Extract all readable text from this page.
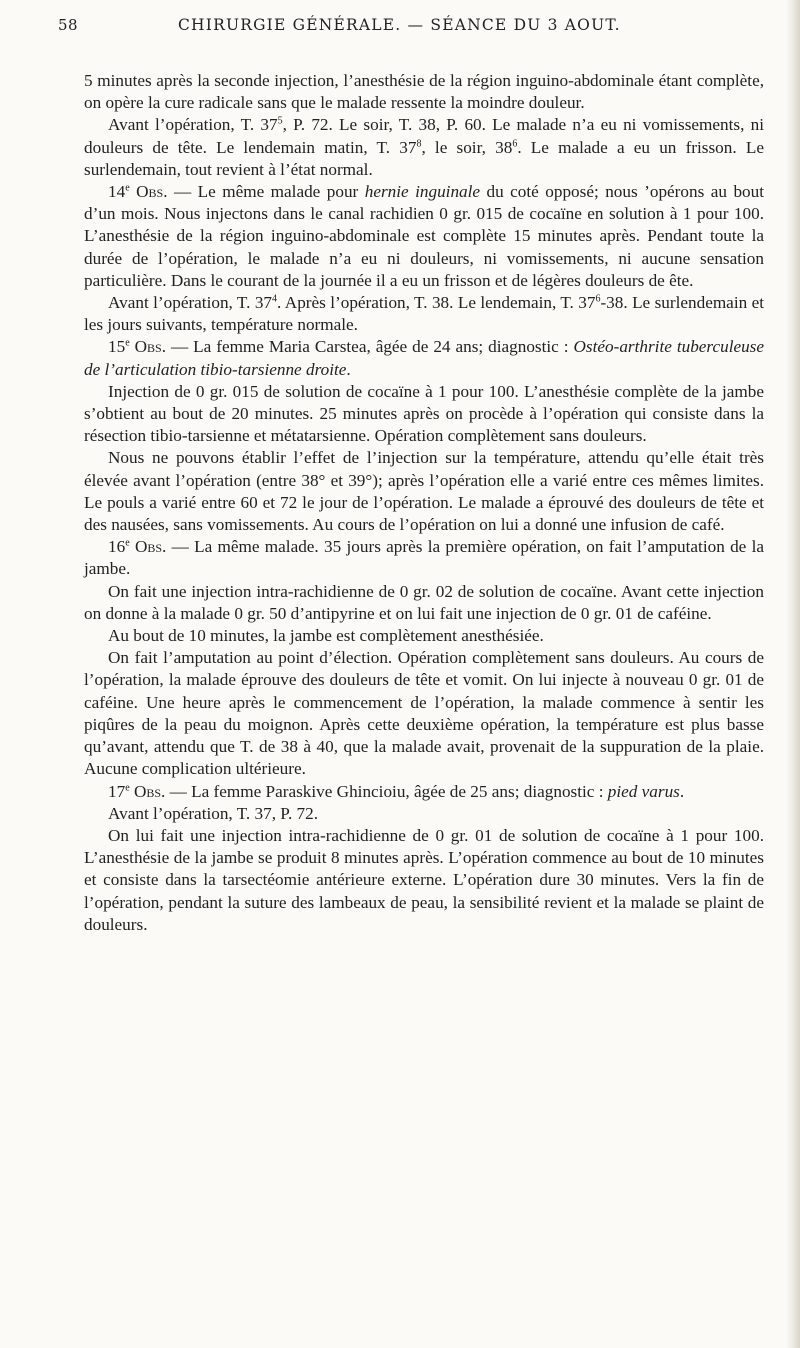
58	CHIRURGIE GÉNÉRALE. — SÉANCE DU 3 AOUT.

5 minutes après la seconde injection, l’anesthésie de la région inguino-abdominale étant complète, on opère la cure radicale sans que le malade ressente la moindre douleur.

Avant l’opération, T. $37^5$, P. 72. Le soir, T. 38, P. 60. Le malade n’a eu ni vomissements, ni douleurs de tête. Le lendemain matin, T. $37^8$, le soir, $38^6$. Le malade a eu un frisson. Le surlendemain, tout revient à l’état normal.

14e Obs. — Le même malade pour hernie inguinale du coté opposé; nous ’opérons au bout d’un mois. Nous injectons dans le canal rachidien 0 gr. 015 de cocaïne en solution à 1 pour 100. L’anesthésie de la région inguino-abdominale est complète 15 minutes après. Pendant toute la durée de l’opération, le malade n’a eu ni douleurs, ni vomissements, ni aucune sensation particulière. Dans le courant de la journée il a eu un frisson et de légères douleurs de ête.

Avant l’opération, T. $37^4$. Après l’opération, T. 38. Le lendemain, T. $37^6-38$. Le surlendemain et les jours suivants, température normale.

15e Obs. — La femme Maria Carstea, âgée de 24 ans; diagnostic : Ostéo-arthrite tuberculeuse de l’articulation tibio-tarsienne droite.

Injection de 0 gr. 015 de solution de cocaïne à 1 pour 100. L’anesthésie complète de la jambe s’obtient au bout de 20 minutes. 25 minutes après on procède à l’opération qui consiste dans la résection tibio-tarsienne et métatarsienne. Opération complètement sans douleurs.

Nous ne pouvons établir l’effet de l’injection sur la température, attendu qu’elle était très élevée avant l’opération (entre 38° et 39°); après l’opération elle a varié entre ces mêmes limites. Le pouls a varié entre 60 et 72 le jour de l’opération. Le malade a éprouvé des douleurs de tête et des nausées, sans vomissements. Au cours de l’opération on lui a donné une infusion de café.

16e Obs. — La même malade. 35 jours après la première opération, on fait l’amputation de la jambe.

On fait une injection intra-rachidienne de 0 gr. 02 de solution de cocaïne. Avant cette injection on donne à la malade 0 gr. 50 d’antipyrine et on lui fait une injection de 0 gr. 01 de caféine.

Au bout de 10 minutes, la jambe est complètement anesthésiée.

On fait l’amputation au point d’élection. Opération complètement sans douleurs. Au cours de l’opération, la malade éprouve des douleurs de tête et vomit. On lui injecte à nouveau 0 gr. 01 de caféine. Une heure après le commencement de l’opération, la malade commence à sentir les piqûres de la peau du moignon. Après cette deuxième opération, la température est plus basse qu’avant, attendu que T. de 38 à 40, que la malade avait, provenait de la suppuration de la plaie. Aucune complication ultérieure.

17e Obs. — La femme Paraskive Ghincioiu, âgée de 25 ans; diagnostic : pied varus.

Avant l’opération, T. 37, P. 72.

On lui fait une injection intra-rachidienne de 0 gr. 01 de solution de cocaïne à 1 pour 100. L’anesthésie de la jambe se produit 8 minutes après. L’opération commence au bout de 10 minutes et consiste dans la tarsectéomie antérieure externe. L’opération dure 30 minutes. Vers la fin de l’opération, pendant la suture des lambeaux de peau, la sensibilité revient et la malade se plaint de douleurs.
